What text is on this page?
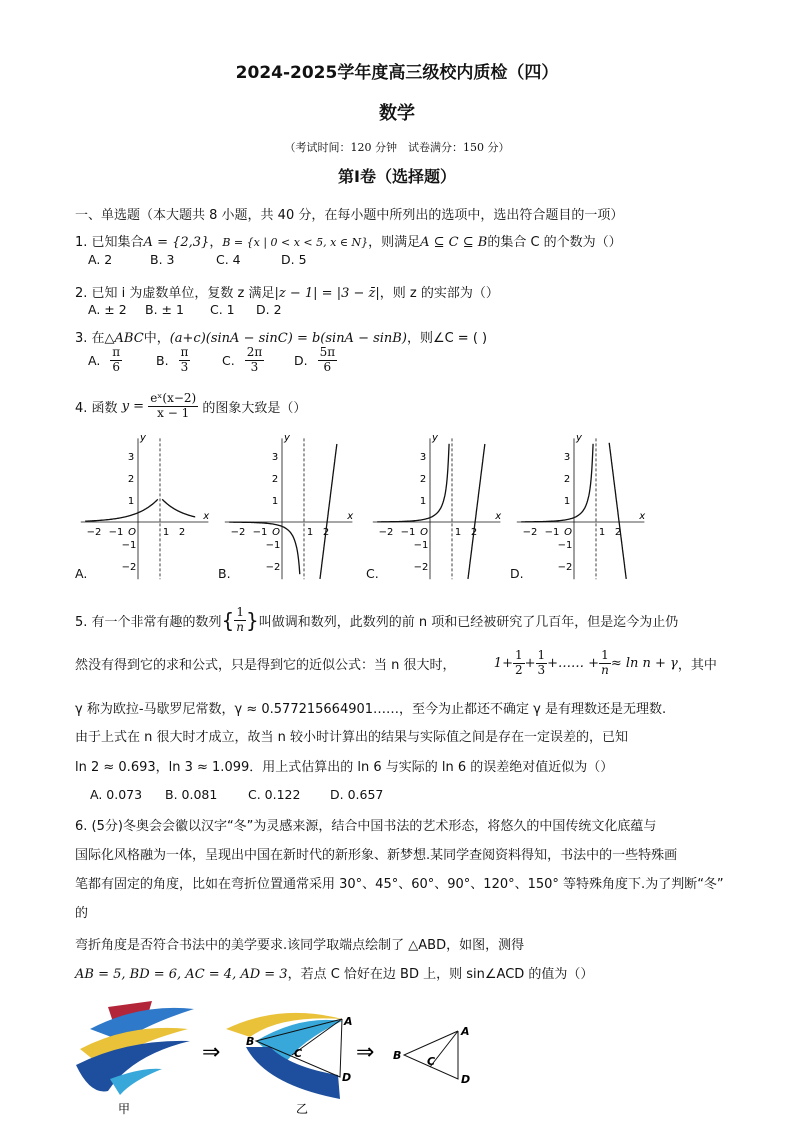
2024-2025学年度高三级校内质检（四）
数学
（考试时间：120 分钟　试卷满分：150 分）
第Ⅰ卷（选择题）
一、单选题（本大题共 8 小题，共 40 分，在每小题中所列出的选项中，选出符合题目的一项）
1. 已知集合A = {2,3}，B = {x | 0 < x < 5, x ∈ N}，则满足A ⊆ C ⊆ B的集合 C 的个数为（）
A. 2	B. 3	C. 4	D. 5
2. 已知 i 为虚数单位，复数 z 满足|z − 1| = |3 − z̄|，则 z 的实部为（）
A. ± 2 B. ± 1 C. 1 D. 2
3. 在△ABC中，(a+c)(sinA − sinC) = b(sinA − sinB)，则∠C = ( )
A. $\frac{\pi}{6}$	B. $\frac{\pi}{3}$	C. $\frac{2\pi}{3} D$. $\frac{5\pi}{6}$
4. 函数 $y = \frac{\text{eˣ(x−2)}}{x - 1}$ 的图象大致是（）
−2 −1 O	1 2
x
y
3
2
1
−1
−2
−2 −1 O	1 2
x
y
3
2
1
−1
−2
−2 −1 O	1 2
x
y
3
2
1
−1
−2
−2 −1 O	1 2
x
y
3
2
1
−1
−2
A.	B.	C.	D.
5. 有一个非常有趣的数列{ $\frac{1}{n}$ }叫做调和数列，此数列的前 n 项和已经被研究了几百年，但是迄今为止仍
然没有得到它的求和公式，只是得到它的近似公式：当 n 很大时，	$1+ \frac{1}{2} + \frac{1}{3}$ +…… + $\frac{1}{n} \approx \ln n + \gamma$，其中
γ 称为欧拉-马歇罗尼常数，γ ≈ 0.577215664901……，至今为止都还不确定 γ 是有理数还是无理数.
由于上式在 n 很大时才成立，故当 n 较小时计算出的结果与实际值之间是存在一定误差的，已知
ln 2 ≈ 0.693，ln 3 ≈ 1.099．用上式估算出的 ln 6 与实际的 ln 6 的误差绝对值近似为（）
A. 0.073 B. 0.081 C. 0.122 D. 0.657
6. (5分)冬奥会会徽以汉字“冬”为灵感来源，结合中国书法的艺术形态，将悠久的中国传统文化底蕴与
国际化风格融为一体，呈现出中国在新时代的新形象、新梦想.某同学查阅资料得知，书法中的一些特殊画
笔都有固定的角度，比如在弯折位置通常采用 30°、45°、60°、90°、120°、150° 等特殊角度下.为了判断“冬”
的
弯折角度是否符合书法中的美学要求.该同学取端点绘制了 △ABD，如图，测得
AB = 5, BD = 6, AC = 4, AD = 3，若点 C 恰好在边 BD 上，则 sin∠ACD 的值为（）
甲
⇒
A
B
C
D
乙
⇒
A
B C
D
